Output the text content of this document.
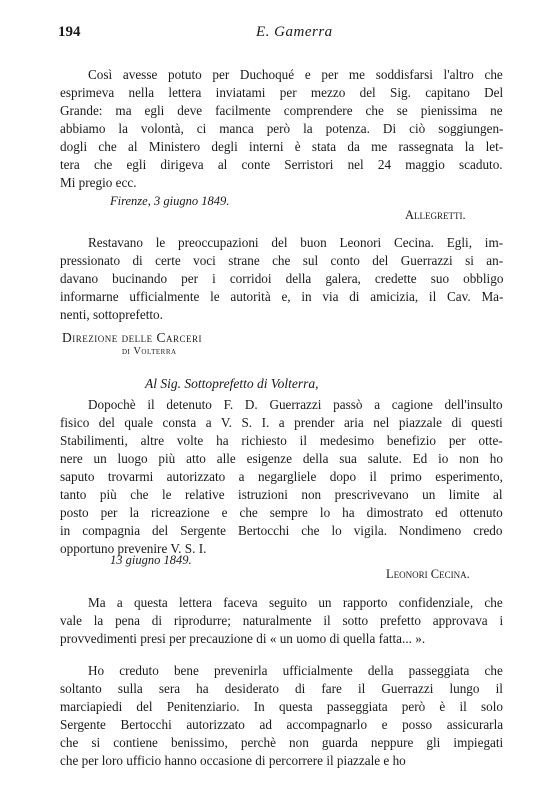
194	E. Gamerra
Così avesse potuto per Duchoqué e per me soddisfarsi l'altro che
esprimeva nella lettera inviatami per mezzo del Sig. capitano Del
Grande: ma egli deve facilmente comprendere che se pienissima ne
abbiamo la volontà, ci manca però la potenza. Di ciò soggiungen-
dogli che al Ministero degli interni è stata da me rassegnata la let-
tera che egli dirigeva al conte Serristori nel 24 maggio scaduto.
Mi pregio ecc.
Firenze, 3 giugno 1849.
Allegretti.
Restavano le preoccupazioni del buon Leonori Cecina. Egli, im-
pressionato di certe voci strane che sul conto del Guerrazzi si an-
davano bucinando per i corridoi della galera, credette suo obbligo
informarne ufficialmente le autorità e, in via di amicizia, il Cav. Ma-
nenti, sottoprefetto.
Direzione delle Carceri
di Volterra
Al Sig. Sottoprefetto di Volterra,
Dopochè il detenuto F. D. Guerrazzi passò a cagione dell'insulto
fisico del quale consta a V. S. I. a prender aria nel piazzale di questi
Stabilimenti, altre volte ha richiesto il medesimo benefizio per otte-
nere un luogo più atto alle esigenze della sua salute. Ed io non ho
saputo trovarmi autorizzato a negargliele dopo il primo esperimento,
tanto più che le relative istruzioni non prescrivevano un limite al
posto per la ricreazione e che sempre lo ha dimostrato ed ottenuto
in compagnia del Sergente Bertocchi che lo vigila. Nondimeno credo
opportuno prevenire V. S. I.
13 giugno 1849.
Leonori Cecina.
Ma a questa lettera faceva seguito un rapporto confidenziale, che
vale la pena di riprodurre; naturalmente il sotto prefetto approvava i
provvedimenti presi per precauzione di « un uomo di quella fatta... ».
Ho creduto bene prevenirla ufficialmente della passeggiata che
soltanto sulla sera ha desiderato di fare il Guerrazzi lungo il
marciapiedi del Penitenziario. In questa passeggiata però è il solo
Sergente Bertocchi autorizzato ad accompagnarlo e posso assicurarla
che si contiene benissimo, perchè non guarda neppure gli impiegati
che per loro ufficio hanno occasione di percorrere il piazzale e ho
